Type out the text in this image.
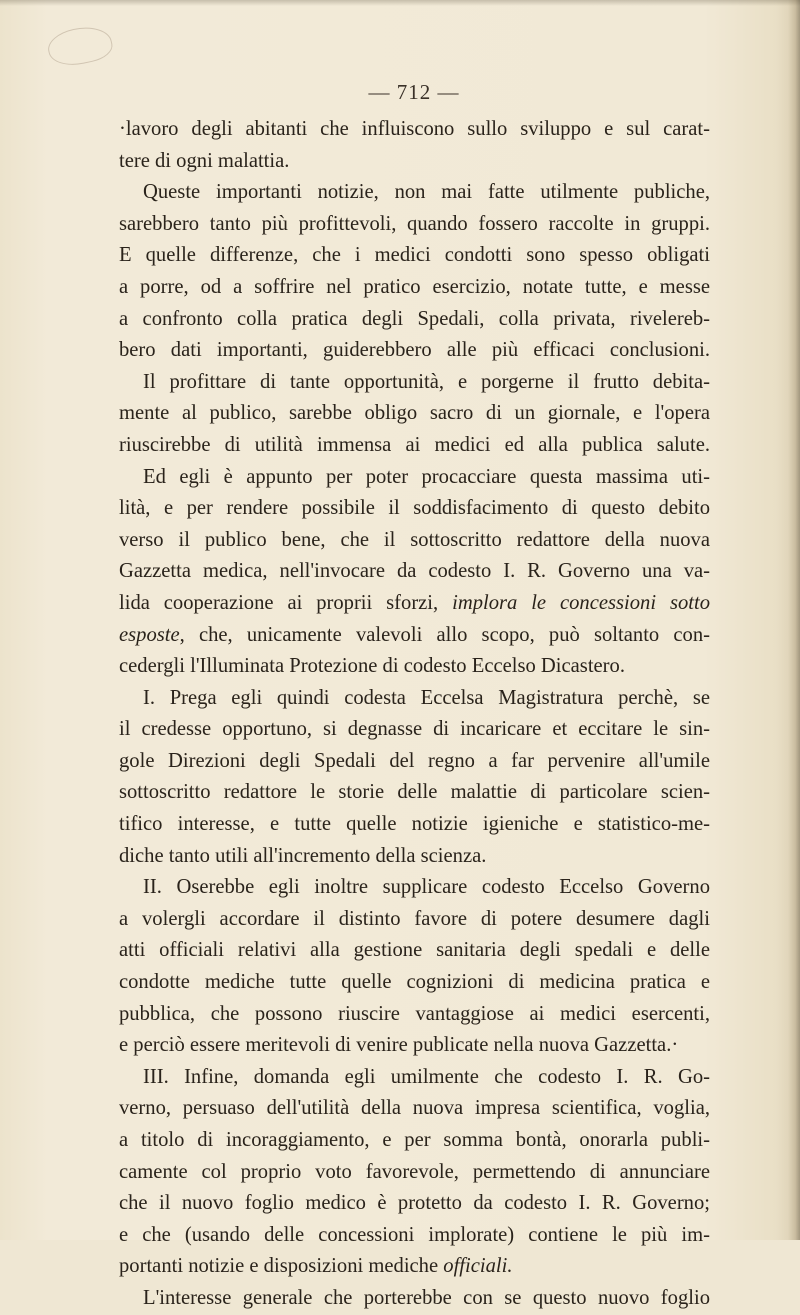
— 712 —
·lavoro degli abitanti che influiscono sullo sviluppo e sul carat-
tere di ogni malattia.
Queste importanti notizie, non mai fatte utilmente publiche,
sarebbero tanto più profittevoli, quando fossero raccolte in gruppi.
E quelle differenze, che i medici condotti sono spesso obligati
a porre, od a soffrire nel pratico esercizio, notate tutte, e messe
a confronto colla pratica degli Spedali, colla privata, rivelereb-
bero dati importanti, guiderebbero alle più efficaci conclusioni.
Il profittare di tante opportunità, e porgerne il frutto debita-
mente al publico, sarebbe obligo sacro di un giornale, e l'opera
riuscirebbe di utilità immensa ai medici ed alla publica salute.
Ed egli è appunto per poter procacciare questa massima uti-
lità, e per rendere possibile il soddisfacimento di questo debito
verso il publico bene, che il sottoscritto redattore della nuova
Gazzetta medica, nell'invocare da codesto I. R. Governo una va-
lida cooperazione ai proprii sforzi, implora le concessioni sotto
esposte, che, unicamente valevoli allo scopo, può soltanto con-
cedergli l'Illuminata Protezione di codesto Eccelso Dicastero.
I. Prega egli quindi codesta Eccelsa Magistratura perchè, se
il credesse opportuno, si degnasse di incaricare et eccitare le sin-
gole Direzioni degli Spedali del regno a far pervenire all'umile
sottoscritto redattore le storie delle malattie di particolare scien-
tifico interesse, e tutte quelle notizie igieniche e statistico-me-
diche tanto utili all'incremento della scienza.
II. Oserebbe egli inoltre supplicare codesto Eccelso Governo
a volergli accordare il distinto favore di potere desumere dagli
atti officiali relativi alla gestione sanitaria degli spedali e delle
condotte mediche tutte quelle cognizioni di medicina pratica e
pubblica, che possono riuscire vantaggiose ai medici esercenti,
e perciò essere meritevoli di venire publicate nella nuova Gazzetta.·
III. Infine, domanda egli umilmente che codesto I. R. Go-
verno, persuaso dell'utilità della nuova impresa scientifica, voglia,
a titolo di incoraggiamento, e per somma bontà, onorarla publi-
camente col proprio voto favorevole, permettendo di annunciare
che il nuovo foglio medico è protetto da codesto I. R. Governo;
e che (usando delle concessioni implorate) contiene le più im-
portanti notizie e disposizioni mediche officiali.
L'interesse generale che porterebbe con se questo nuovo foglio
